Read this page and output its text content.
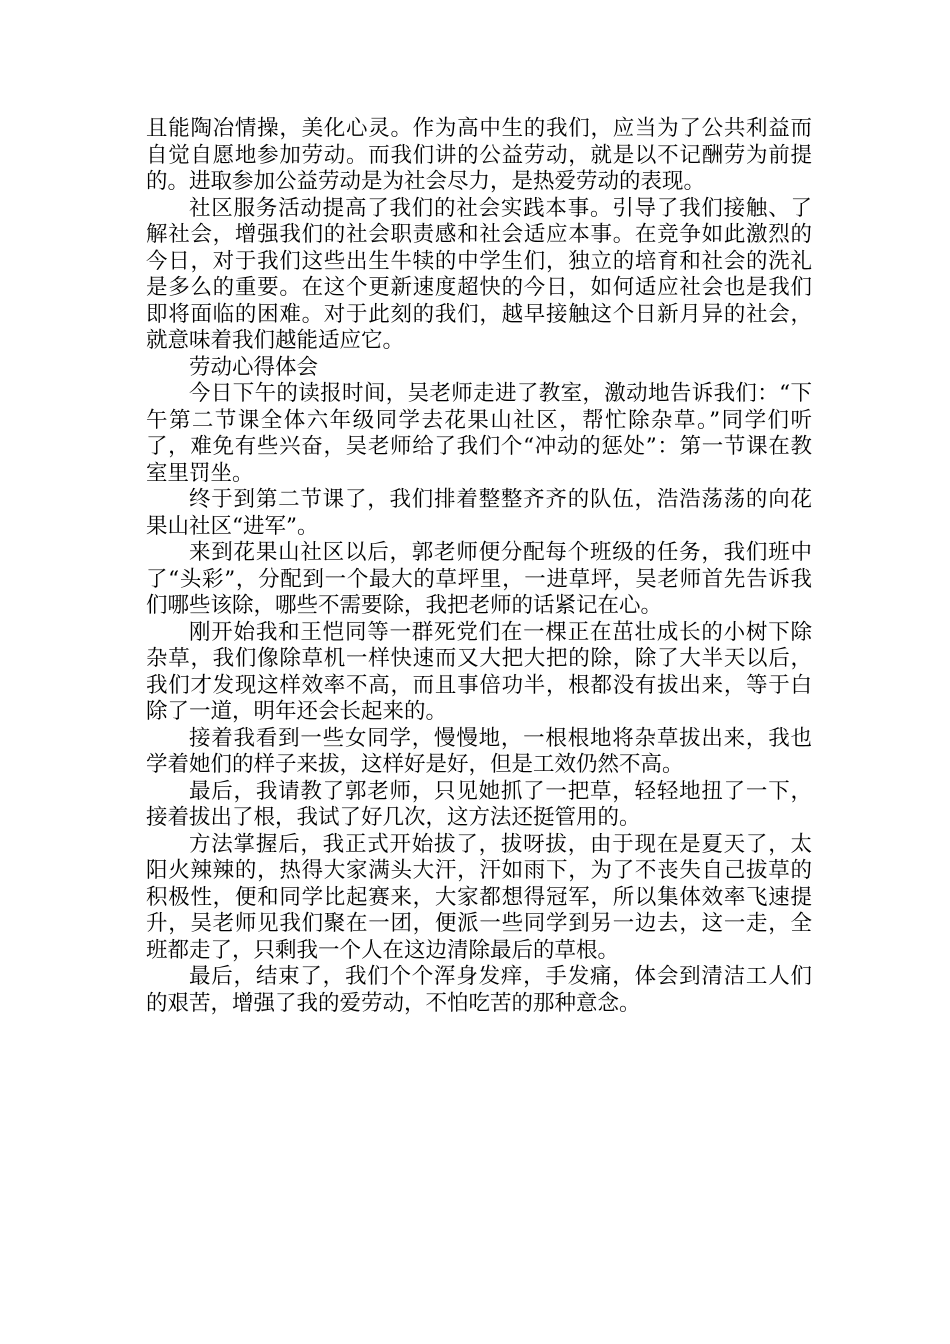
且能陶冶情操，美化心灵。作为高中生的我们，应当为了公共利益而自觉自愿地参加劳动。而我们讲的公益劳动，就是以不记酬劳为前提的。进取参加公益劳动是为社会尽力，是热爱劳动的表现。

社区服务活动提高了我们的社会实践本事。引导了我们接触、了解社会，增强我们的社会职责感和社会适应本事。在竞争如此激烈的今日，对于我们这些出生牛犊的中学生们，独立的培育和社会的洗礼是多么的重要。在这个更新速度超快的今日，如何适应社会也是我们即将面临的困难。对于此刻的我们，越早接触这个日新月异的社会，就意味着我们越能适应它。

劳动心得体会

今日下午的读报时间，吴老师走进了教室，激动地告诉我们：“下午第二节课全体六年级同学去花果山社区，帮忙除杂草。”同学们听了，难免有些兴奋，吴老师给了我们个“冲动的惩处”：第一节课在教室里罚坐。

终于到第二节课了，我们排着整整齐齐的队伍，浩浩荡荡的向花果山社区“进军”。

来到花果山社区以后，郭老师便分配每个班级的任务，我们班中了“头彩”，分配到一个最大的草坪里，一进草坪，吴老师首先告诉我们哪些该除，哪些不需要除，我把老师的话紧记在心。

刚开始我和王恺同等一群死党们在一棵正在茁壮成长的小树下除杂草，我们像除草机一样快速而又大把大把的除，除了大半天以后，我们才发现这样效率不高，而且事倍功半，根都没有拔出来，等于白除了一道，明年还会长起来的。

接着我看到一些女同学，慢慢地，一根根地将杂草拔出来，我也学着她们的样子来拔，这样好是好，但是工效仍然不高。

最后，我请教了郭老师，只见她抓了一把草，轻轻地扭了一下，接着拔出了根，我试了好几次，这方法还挺管用的。

方法掌握后，我正式开始拔了，拔呀拔，由于现在是夏天了，太阳火辣辣的，热得大家满头大汗，汗如雨下，为了不丧失自己拔草的积极性，便和同学比起赛来，大家都想得冠军，所以集体效率飞速提升，吴老师见我们聚在一团，便派一些同学到另一边去，这一走，全班都走了，只剩我一个人在这边清除最后的草根。

最后，结束了，我们个个浑身发痒，手发痛，体会到清洁工人们的艰苦，增强了我的爱劳动，不怕吃苦的那种意念。
